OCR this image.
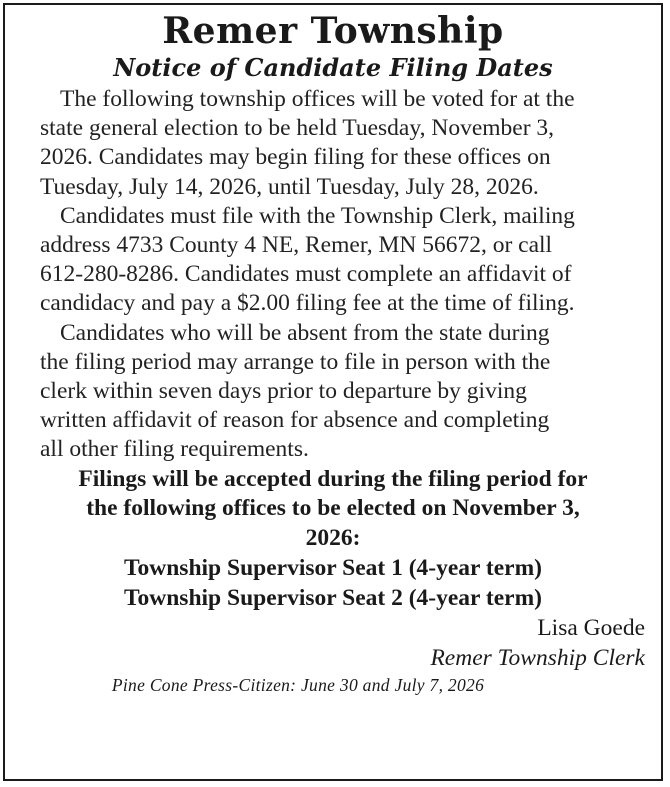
Remer Township
Notice of Candidate Filing Dates

The following township offices will be voted for at the
state general election to be held Tuesday, November 3,
2026. Candidates may begin filing for these offices on
Tuesday, July 14, 2026, until Tuesday, July 28, 2026.

Candidates must file with the Township Clerk, mailing
address 4733 County 4 NE, Remer, MN 56672, or call
612-280-8286. Candidates must complete an affidavit of
candidacy and pay a $2.00 filing fee at the time of filing.

Candidates who will be absent from the state during
the filing period may arrange to file in person with the
clerk within seven days prior to departure by giving
written affidavit of reason for absence and completing
all other filing requirements.

Filings will be accepted during the filing period for
the following offices to be elected on November 3,
2026:
Township Supervisor Seat 1 (4-year term)
Township Supervisor Seat 2 (4-year term)
Lisa Goede
Remer Township Clerk
Pine Cone Press-Citizen: June 30 and July 7, 2026
